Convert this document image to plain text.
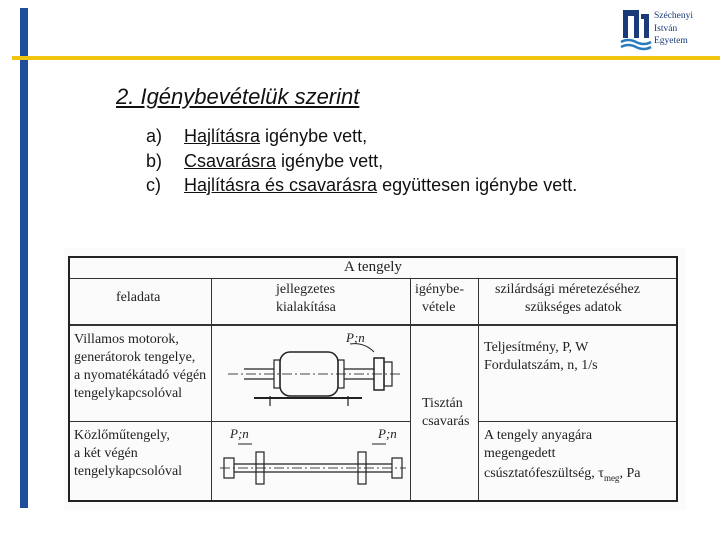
Széchenyi
István
Egyetem
2. Igénybevételük szerint
a) Hajlításra igénybe vett,
b) Csavarásra igénybe vett,
c) Hajlításra és csavarásra együttesen igénybe vett.
A tengely
feladata
jellegzetes
kialakítása
igénybe-
vétele
szilárdsági méretezéséhez
szükséges adatok
Villamos motorok,
generátorok tengelye,
a nyomatékátadó végén
tengelykapcsolóval
P;n
Teljesítmény, P, W
Fordulatszám, n, 1/s
Tisztán
csavarás
Közlőműtengely,
a két végén
tengelykapcsolóval
P;n	P;n	A tengely anyagára
megengedett
csúsztatófeszültség, $\tau_{meg}$, Pa
